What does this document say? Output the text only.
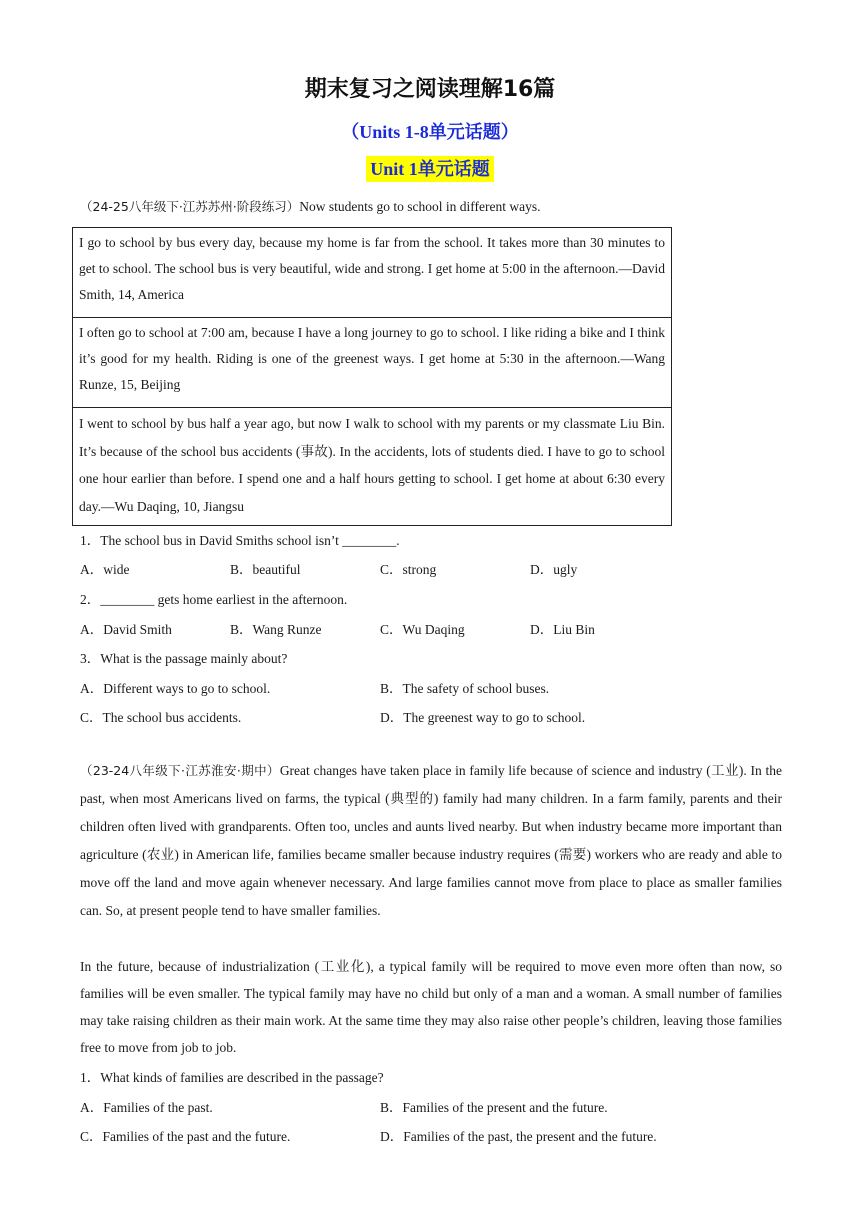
期末复习之阅读理解16篇
（Units 1-8单元话题）
Unit 1单元话题
（24-25八年级下·江苏苏州·阶段练习）Now students go to school in different ways.
I go to school by bus every day, because my home is far from the school. It takes more than 30 minutes to get to school. The school bus is very beautiful, wide and strong. I get home at 5:00 in the afternoon.—David Smith, 14, America
I often go to school at 7:00 am, because I have a long journey to go to school. I like riding a bike and I think it’s good for my health. Riding is one of the greenest ways. I get home at 5:30 in the afternoon.—Wang Runze, 15, Beijing
I went to school by bus half a year ago, but now I walk to school with my parents or my classmate Liu Bin. It’s because of the school bus accidents (事故). In the accidents, lots of students died. I have to go to school one hour earlier than before. I spend one and a half hours getting to school. I get home at about 6:30 every day.—Wu Daqing, 10, Jiangsu
1．The school bus in David Smiths school isn’t ________.
A．wide	B．beautiful	C．strong	D．ugly
2．________ gets home earliest in the afternoon.
A．David Smith	B．Wang Runze	C．Wu Daqing	D．Liu Bin
3．What is the passage mainly about?
A．Different ways to go to school.	B．The safety of school buses.
C．The school bus accidents.	D．The greenest way to go to school.
（23-24八年级下·江苏淮安·期中）Great changes have taken place in family life because of science and industry (工业). In the past, when most Americans lived on farms, the typical (典型的) family had many children. In a farm family, parents and their children often lived with grandparents. Often too, uncles and aunts lived nearby. But when industry became more important than agriculture (农业) in American life, families became smaller because industry requires (需要) workers who are ready and able to move off the land and move again whenever necessary. And large families cannot move from place to place as smaller families can. So, at present people tend to have smaller families.
In the future, because of industrialization (工业化), a typical family will be required to move even more often than now, so families will be even smaller. The typical family may have no child but only of a man and a woman. A small number of families may take raising children as their main work. At the same time they may also raise other people’s children, leaving those families free to move from job to job.
1．What kinds of families are described in the passage?
A．Families of the past.	B．Families of the present and the future.
C．Families of the past and the future.	D．Families of the past, the present and the future.
